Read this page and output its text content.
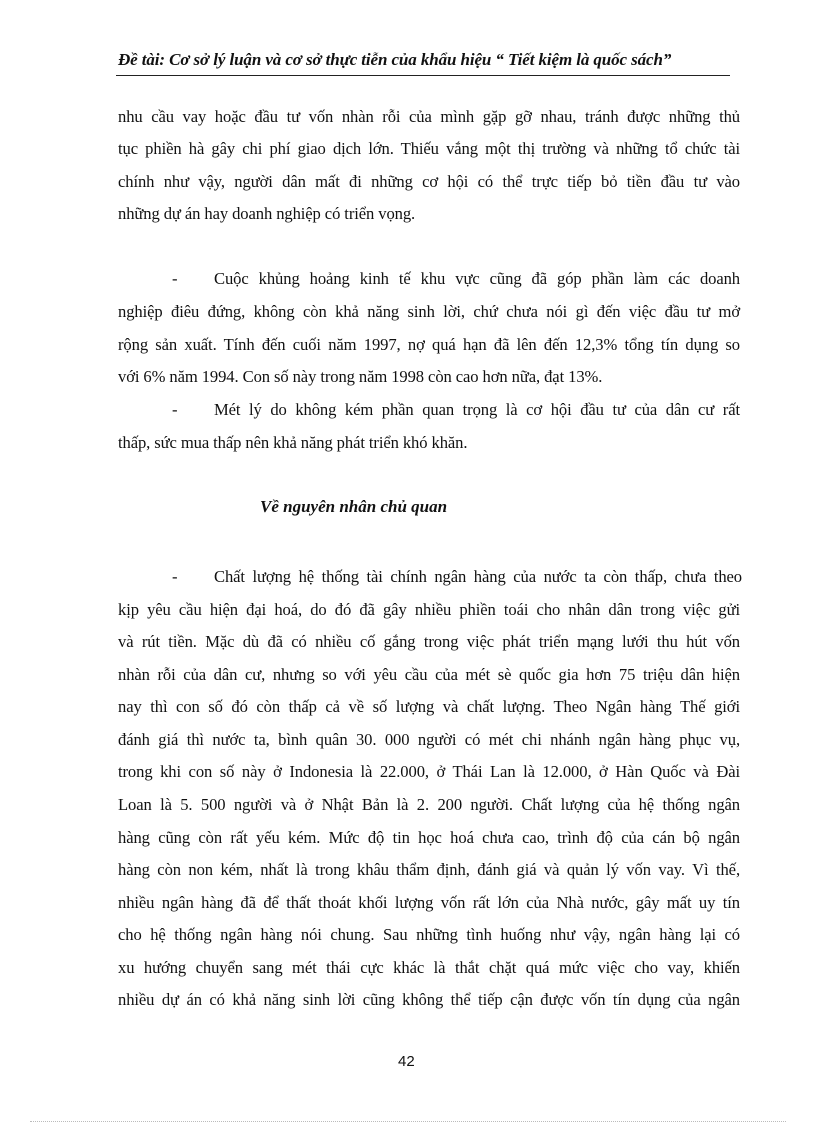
Đề tài: Cơ sở lý luận và cơ sở thực tiễn của khẩu hiệu “ Tiết kiệm là quốc sách”
nhu cầu vay hoặc đầu tư vốn nhàn rỗi của mình gặp gỡ nhau, tránh được những thủ
tục phiền hà gây chi phí giao dịch lớn. Thiếu vắng một thị trường và những tổ chức tài
chính như vậy, người dân mất đi những cơ hội có thể trực tiếp bỏ tiền đầu tư vào
những dự án hay doanh nghiệp có triển vọng.
- Cuộc khủng hoảng kinh tế khu vực cũng đã góp phần làm các doanh
nghiệp điêu đứng, không còn khả năng sinh lời, chứ chưa nói gì đến việc đầu tư mở
rộng sản xuất. Tính đến cuối năm 1997, nợ quá hạn đã lên đến 12,3% tổng tín dụng so
với 6% năm 1994. Con số này trong năm 1998 còn cao hơn nữa, đạt 13%.
- Mét lý do không kém phần quan trọng là cơ hội đầu tư của dân cư rất
thấp, sức mua thấp nên khả năng phát triển khó khăn.
Về nguyên nhân chủ quan
- Chất lượng hệ thống tài chính ngân hàng của nước ta còn thấp, chưa theo
kịp yêu cầu hiện đại hoá, do đó đã gây nhiều phiền toái cho nhân dân trong việc gửi
và rút tiền. Mặc dù đã có nhiều cố gắng trong việc phát triển mạng lưới thu hút vốn
nhàn rỗi của dân cư, nhưng so với yêu cầu của mét sè quốc gia hơn 75 triệu dân hiện
nay thì con số đó còn thấp cả về số lượng và chất lượng. Theo Ngân hàng Thế giới
đánh giá thì nước ta, bình quân 30. 000 người có mét chi nhánh ngân hàng phục vụ,
trong khi con số này ở Indonesia là 22.000, ở Thái Lan là 12.000, ở Hàn Quốc và Đài
Loan là 5. 500 người và ở Nhật Bản là 2. 200 người. Chất lượng của hệ thống ngân
hàng cũng còn rất yếu kém. Mức độ tin học hoá chưa cao, trình độ của cán bộ ngân
hàng còn non kém, nhất là trong khâu thẩm định, đánh giá và quản lý vốn vay. Vì thế,
nhiều ngân hàng đã để thất thoát khối lượng vốn rất lớn của Nhà nước, gây mất uy tín
cho hệ thống ngân hàng nói chung. Sau những tình huống như vậy, ngân hàng lại có
xu hướng chuyển sang mét thái cực khác là thắt chặt quá mức việc cho vay, khiến
nhiều dự án có khả năng sinh lời cũng không thể tiếp cận được vốn tín dụng của ngân
42
